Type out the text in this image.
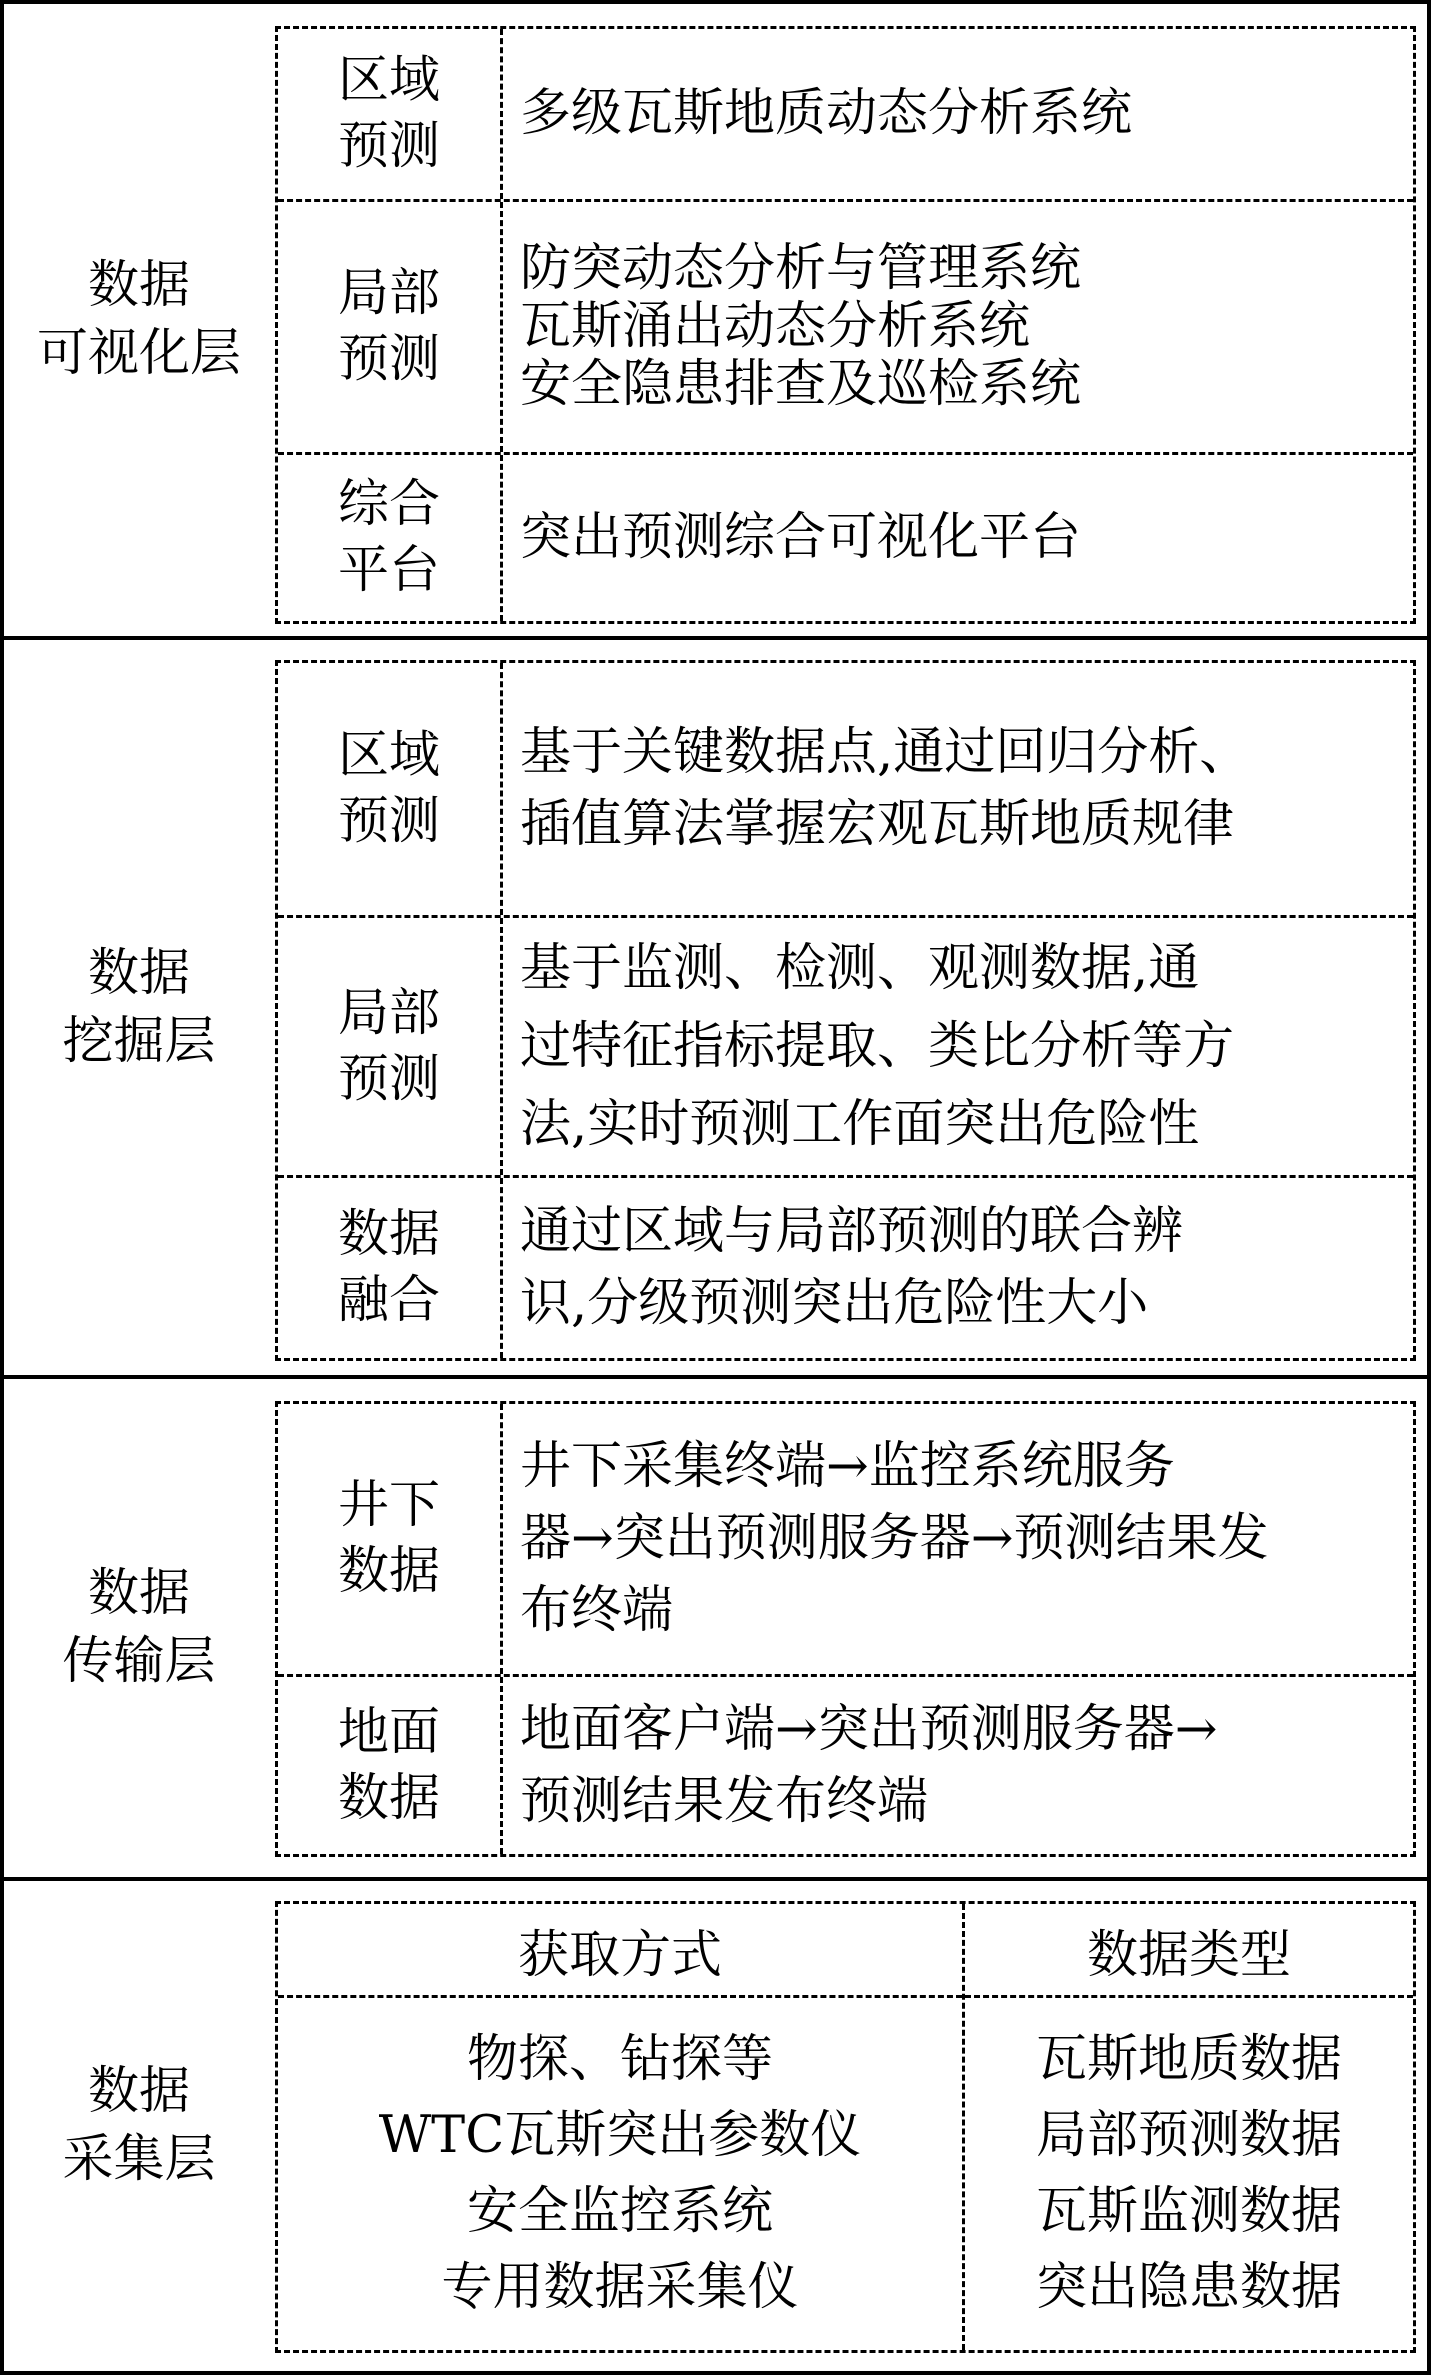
数据
可视化层
区域
预测
多级瓦斯地质动态分析系统
局部
预测
防突动态分析与管理系统
瓦斯涌出动态分析系统
安全隐患排查及巡检系统
综合
平台
突出预测综合可视化平台
数据
挖掘层
区域
预测
基于关键数据点,通过回归分析、
插值算法掌握宏观瓦斯地质规律
局部
预测
基于监测、检测、观测数据,通
过特征指标提取、类比分析等方
法,实时预测工作面突出危险性
数据
融合
通过区域与局部预测的联合辨
识,分级预测突出危险性大小
数据
传输层
井下
数据
井下采集终端→监控系统服务
器→突出预测服务器→预测结果发
布终端
地面
数据
地面客户端→突出预测服务器→
预测结果发布终端
数据
采集层
获取方式
物探、钻探等
WTC瓦斯突出参数仪
安全监控系统
专用数据采集仪
数据类型
瓦斯地质数据
局部预测数据
瓦斯监测数据
突出隐患数据
